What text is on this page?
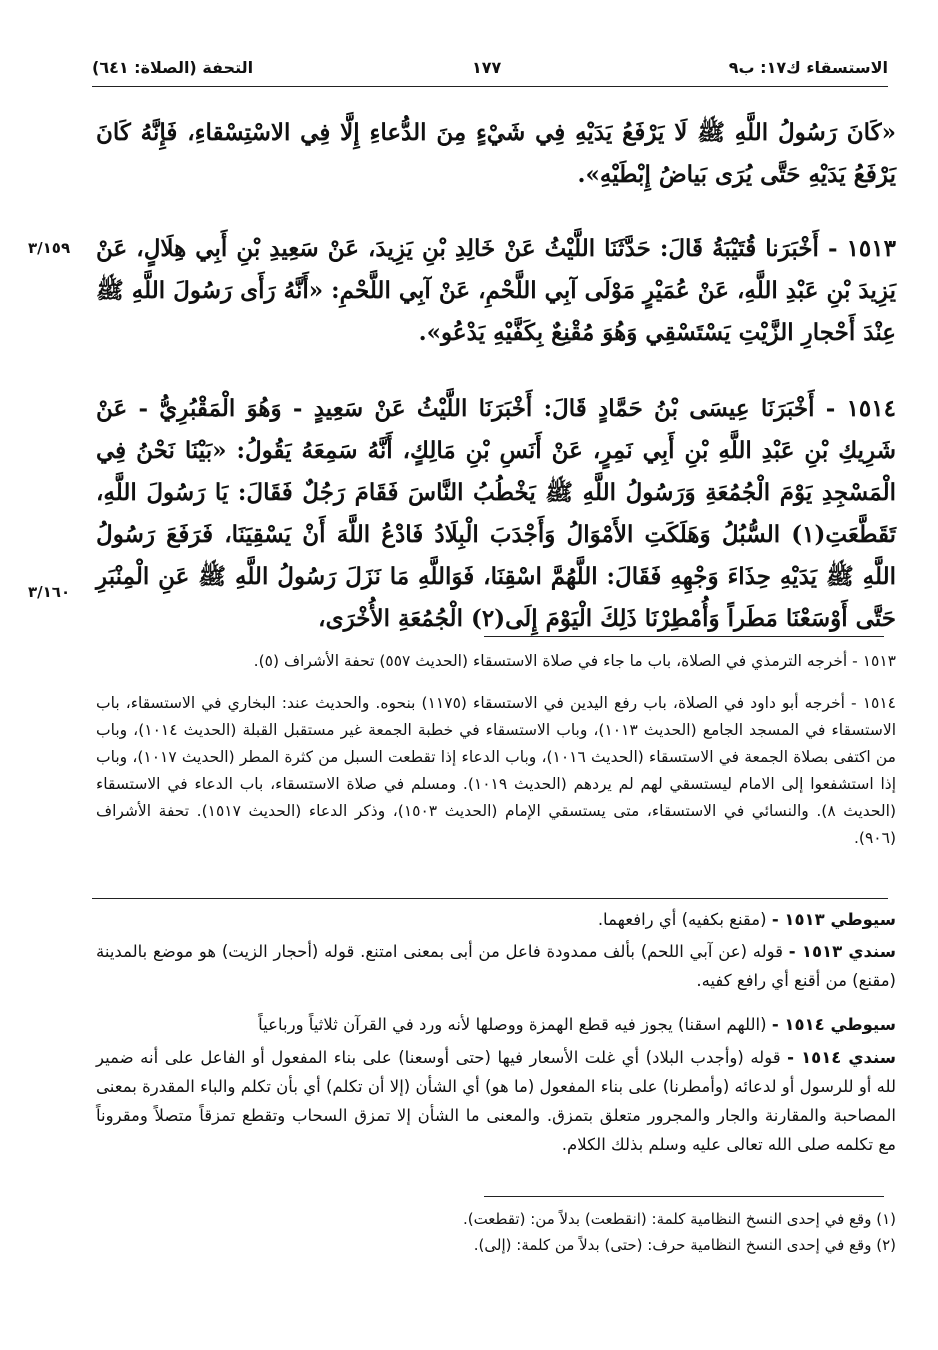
الاستسقاء ك١٧: ب٩
١٧٧
التحفة (الصلاة: ٦٤١)
«كَانَ رَسُولُ اللَّهِ ﷺ لَا يَرْفَعُ يَدَيْهِ فِي شَيْءٍ مِنَ الدُّعاءِ إِلَّا فِي الاسْتِسْقاءِ، فَإِنَّهُ كَانَ يَرْفَعُ يَدَيْهِ حَتَّى يُرَى بَياضُ إِبْطَيْهِ».
١٥١٣ - أَخْبَرَنا قُتَيْبَةُ قَالَ: حَدَّثَنَا اللَّيْثُ عَنْ خَالِدِ بْنِ يَزِيدَ، عَنْ سَعِيدِ بْنِ أَبِي هِلَالٍ، عَنْ يَزِيدَ بْنِ عَبْدِ اللَّهِ، عَنْ عُمَيْرٍ مَوْلَى آبِي اللَّحْمِ، عَنْ آبِي اللَّحْمِ: «أَنَّهُ رَأَى رَسُولَ اللَّهِ ﷺ عِنْدَ أَحْجارِ الزَّيْتِ يَسْتَسْقِي وَهُوَ مُقْنِعٌ بِكَفَّيْهِ يَدْعُو».
١٥١٤ - أَخْبَرَنَا عِيسَى بْنُ حَمَّادٍ قَالَ: أَخْبَرَنَا اللَّيْثُ عَنْ سَعِيدٍ - وَهُوَ الْمَقْبُرِيُّ - عَنْ شَرِيكِ بْنِ عَبْدِ اللَّهِ بْنِ أَبِي نَمِرٍ، عَنْ أَنَسِ بْنِ مَالِكٍ، أَنَّهُ سَمِعَهُ يَقُولُ: «بَيْنَا نَحْنُ فِي الْمَسْجِدِ يَوْمَ الْجُمُعَةِ وَرَسُولُ اللَّهِ ﷺ يَخْطُبُ النَّاسَ فَقَامَ رَجُلٌ فَقَالَ: يَا رَسُولَ اللَّهِ، تَقَطَّعَتِ(١) السُّبُلُ وَهَلَكَتِ الأَمْوَالُ وَأَجْدَبَ الْبِلَادُ فَادْعُ اللَّهَ أَنْ يَسْقِيَنَا، فَرَفَعَ رَسُولُ اللَّهِ ﷺ يَدَيْهِ حِذَاءَ وَجْهِهِ فَقَالَ: اللَّهُمَّ اسْقِنَا، فَوَاللَّهِ مَا نَزَلَ رَسُولُ اللَّهِ ﷺ عَنِ الْمِنْبَرِ حَتَّى أَوْسَعْنَا مَطَراً وَأُمْطِرْنَا ذَلِكَ الْيَوْمَ إِلَى(٢) الْجُمُعَةِ الأُخْرَى،
٣/١٥٩
٣/١٦٠
١٥١٣ - أخرجه الترمذي في الصلاة، باب ما جاء في صلاة الاستسقاء (الحديث ٥٥٧) تحفة الأشراف (٥).
١٥١٤ - أخرجه أبو داود في الصلاة، باب رفع اليدين في الاستسقاء (١١٧٥) بنحوه. والحديث عند: البخاري في الاستسقاء، باب الاستسقاء في المسجد الجامع (الحديث ١٠١٣)، وباب الاستسقاء في خطبة الجمعة غير مستقبل القبلة (الحديث ١٠١٤)، وباب من اكتفى بصلاة الجمعة في الاستسقاء (الحديث ١٠١٦)، وباب الدعاء إذا تقطعت السبل من كثرة المطر (الحديث ١٠١٧)، وباب إذا استشفعوا إلى الامام ليستسقي لهم لم يردهم (الحديث ١٠١٩). ومسلم في صلاة الاستسقاء، باب الدعاء في الاستسقاء (الحديث ٨). والنسائي في الاستسقاء، متى يستسقي الإمام (الحديث ١٥٠٣)، وذكر الدعاء (الحديث ١٥١٧). تحفة الأشراف (٩٠٦).
سيوطي ١٥١٣ - (مقنع بكفيه) أي رافعهما.
سندي ١٥١٣ - قوله (عن آبي اللحم) بألف ممدودة فاعل من أبى بمعنى امتنع. قوله (أحجار الزيت) هو موضع بالمدينة (مقنع) من أقنع أي رافع كفيه.
سيوطي ١٥١٤ - (اللهم اسقنا) يجوز فيه قطع الهمزة ووصلها لأنه ورد في القرآن ثلاثياً ورباعياً
سندي ١٥١٤ - قوله (وأجدب البلاد) أي غلت الأسعار فيها (حتى أوسعنا) على بناء المفعول أو الفاعل على أنه ضمير لله أو للرسول أو لدعائه (وأمطرنا) على بناء المفعول (ما هو) أي الشأن (إلا أن تكلم) أي بأن تكلم والباء المقدرة بمعنى المصاحبة والمقارنة والجار والمجرور متعلق بتمزق. والمعنى ما الشأن إلا تمزق السحاب وتقطع تمزقاً متصلاً ومقروناً مع تكلمه صلى الله تعالى عليه وسلم بذلك الكلام.
(١) وقع في إحدى النسخ النظامية كلمة: (انقطعت) بدلاً من: (تقطعت).
(٢) وقع في إحدى النسخ النظامية حرف: (حتى) بدلاً من كلمة: (إلى).
